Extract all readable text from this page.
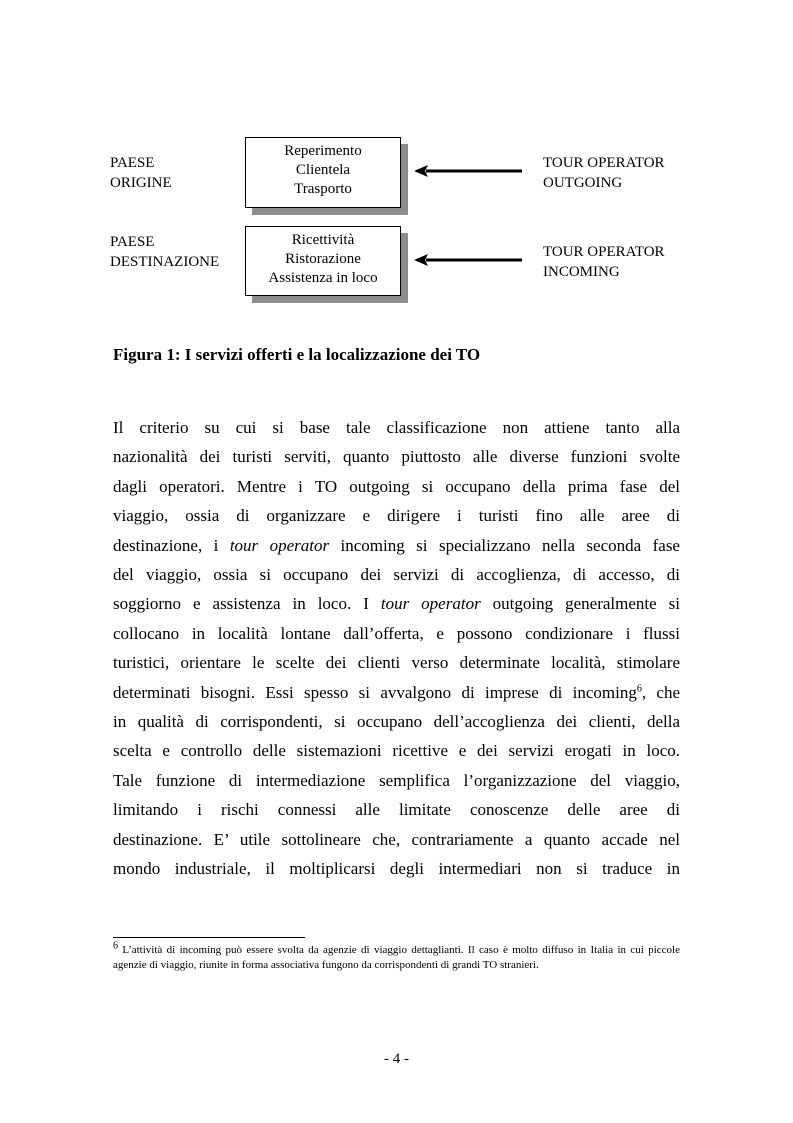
PAESE
ORIGINE
Reperimento
Clientela
Trasporto
TOUR OPERATOR
OUTGOING
PAESE
DESTINAZIONE
Ricettività
Ristorazione
Assistenza in loco
TOUR OPERATOR
INCOMING
Figura 1: I servizi offerti e la localizzazione dei TO
Il criterio su cui si base tale classificazione non attiene tanto alla
nazionalità dei turisti serviti, quanto piuttosto alle diverse funzioni svolte
dagli operatori. Mentre i TO outgoing si occupano della prima fase del
viaggio, ossia di organizzare e dirigere i turisti fino alle aree di
destinazione, i tour operator incoming si specializzano nella seconda fase
del viaggio, ossia si occupano dei servizi di accoglienza, di accesso, di
soggiorno e assistenza in loco. I tour operator outgoing generalmente si
collocano in località lontane dall’offerta, e possono condizionare i flussi
turistici, orientare le scelte dei clienti verso determinate località, stimolare
determinati bisogni. Essi spesso si avvalgono di imprese di incoming$^6$, che
in qualità di corrispondenti, si occupano dell’accoglienza dei clienti, della
scelta e controllo delle sistemazioni ricettive e dei servizi erogati in loco.
Tale funzione di intermediazione semplifica l’organizzazione del viaggio,
limitando i rischi connessi alle limitate conoscenze delle aree di
destinazione. E’ utile sottolineare che, contrariamente a quanto accade nel
mondo industriale, il moltiplicarsi degli intermediari non si traduce in
$^6$ L’attività di incoming può essere svolta da agenzie di viaggio dettaglianti. Il caso è molto diffuso in Italia in cui piccole agenzie di viaggio, riunite in forma associativa fungono da corrispondenti di grandi TO stranieri.
- 4 -
